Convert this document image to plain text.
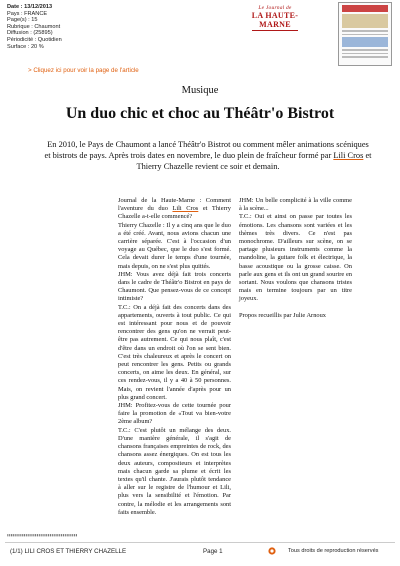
Date : 13/12/2013
Pays : FRANCE
Page(s) : 15
Rubrique : Chaumont
Diffusion : (25895)
Périodicité : Quotidien
Surface : 20 %
Le Journal de
LA HAUTE-MARNE
> Cliquez ici pour voir la page de l'article
Musique
Un duo chic et choc au Théâtr'o Bistrot
En 2010, le Pays de Chaumont a lancé Théâtr'o Bistrot ou comment mêler animations scéniques et bistrots de pays. Après trois dates en novembre, le duo plein de fraîcheur formé par Lili Cros et Thierry Chazelle revient ce soir et demain.

Journal de la Haute-Marne : Comment l'aventure du duo Lili Cros et Thierry Chazelle a-t-elle commencé?

Thierry Chazelle : Il y a cinq ans que le duo a été créé. Avant, nous avions chacun une carrière séparée. C'est à l'occasion d'un voyage au Québec, que le duo s'est formé. Cela devait durer le temps d'une tournée, mais depuis, on ne s'est plus quittés.

JHM: Vous avez déjà fait trois concerts dans le cadre de Théâtr'o Bistrot en pays de Chaumont. Que pensez-vous de ce concept intimiste?

T.C.: On a déjà fait des concerts dans des appartements, ouverts à tout public. Ce qui est intéressant pour nous et de pouvoir rencontrer des gens qu'on ne verrait peut-être pas autrement. Ce qui nous plaît, c'est d'être dans un endroit où l'on se sent bien. C'est très chaleureux et après le concert on peut rencontrer les gens. Petits ou grands concerts, on aime les deux. En général, sur ces rendez-vous, il y a 40 à 50 personnes. Mais, on revient l'année d'après pour un plus grand concert.

JHM: Profitez-vous de cette tournée pour faire la promotion de «Tout va bien-votre 2ème album?

T.C.: C'est plutôt un mélange des deux. D'une manière générale, il s'agit de chansons françaises empreintes de rock, des chansons assez énergiques. On est tous les deux auteurs, compositeurs et interprètes mais chacun garde sa plume et écrit les textes qu'il chante. J'aurais plutôt tendance à aller sur le registre de l'humour et Lili, plus vers la sensibilité et l'émotion. Par contre, la mélodie et les arrangements sont faits ensemble.

JHM: Un belle complicité à la ville comme à la scène...

T.C.: Oui et ainsi on passe par toutes les émotions. Les chansons sont variées et les thèmes très divers. Ce n'est pas monochrome. D'ailleurs sur scène, on se partage plusieurs instruments comme la mandoline, la guitare folk et électrique, la basse acoustique ou la grosse caisse. On parle aux gens et ils ont un grand sourire en sortant. Nous voulons que chansons tristes mais en termine toujours par un titre joyeux.

Propos recueillis par Julie Arnoux

▮▮▮▮▮▮▮▮▮▮▮▮▮▮▮▮▮▮▮▮▮▮▮▮▮▮▮▮▮▮▮▮▮▮▮▮▮▮
(1/1) LILI CROS ET THIERRY CHAZELLE	Page 1	Tous droits de reproduction réservés
